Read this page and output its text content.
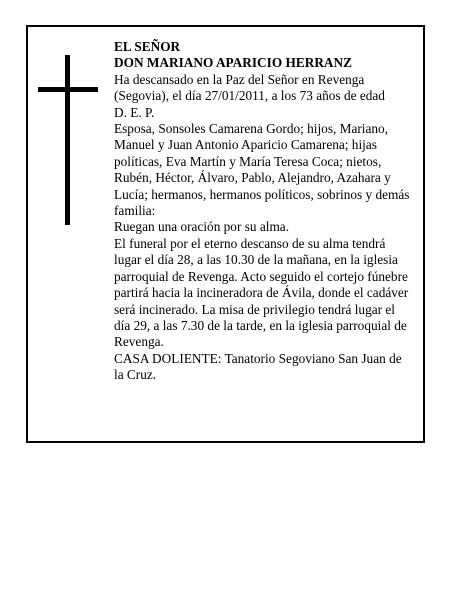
EL SEÑOR
DON MARIANO APARICIO HERRANZ
Ha descansado en la Paz del Señor en Revenga
(Segovia), el día 27/01/2011, a los 73 años de edad
D. E. P.
Esposa, Sonsoles Camarena Gordo; hijos, Mariano,
Manuel y Juan Antonio Aparicio Camarena; hijas
políticas, Eva Martín y María Teresa Coca; nietos,
Rubén, Héctor, Álvaro, Pablo, Alejandro, Azahara y
Lucía; hermanos, hermanos políticos, sobrinos y demás
familia:
Ruegan una oración por su alma.
El funeral por el eterno descanso de su alma tendrá
lugar el día 28, a las 10.30 de la mañana, en la iglesia
parroquial de Revenga. Acto seguido el cortejo fúnebre
partirá hacia la incineradora de Ávila, donde el cadáver
será incinerado. La misa de privilegio tendrá lugar el
día 29, a las 7.30 de la tarde, en la iglesia parroquial de
Revenga.
CASA DOLIENTE: Tanatorio Segoviano San Juan de
la Cruz.
